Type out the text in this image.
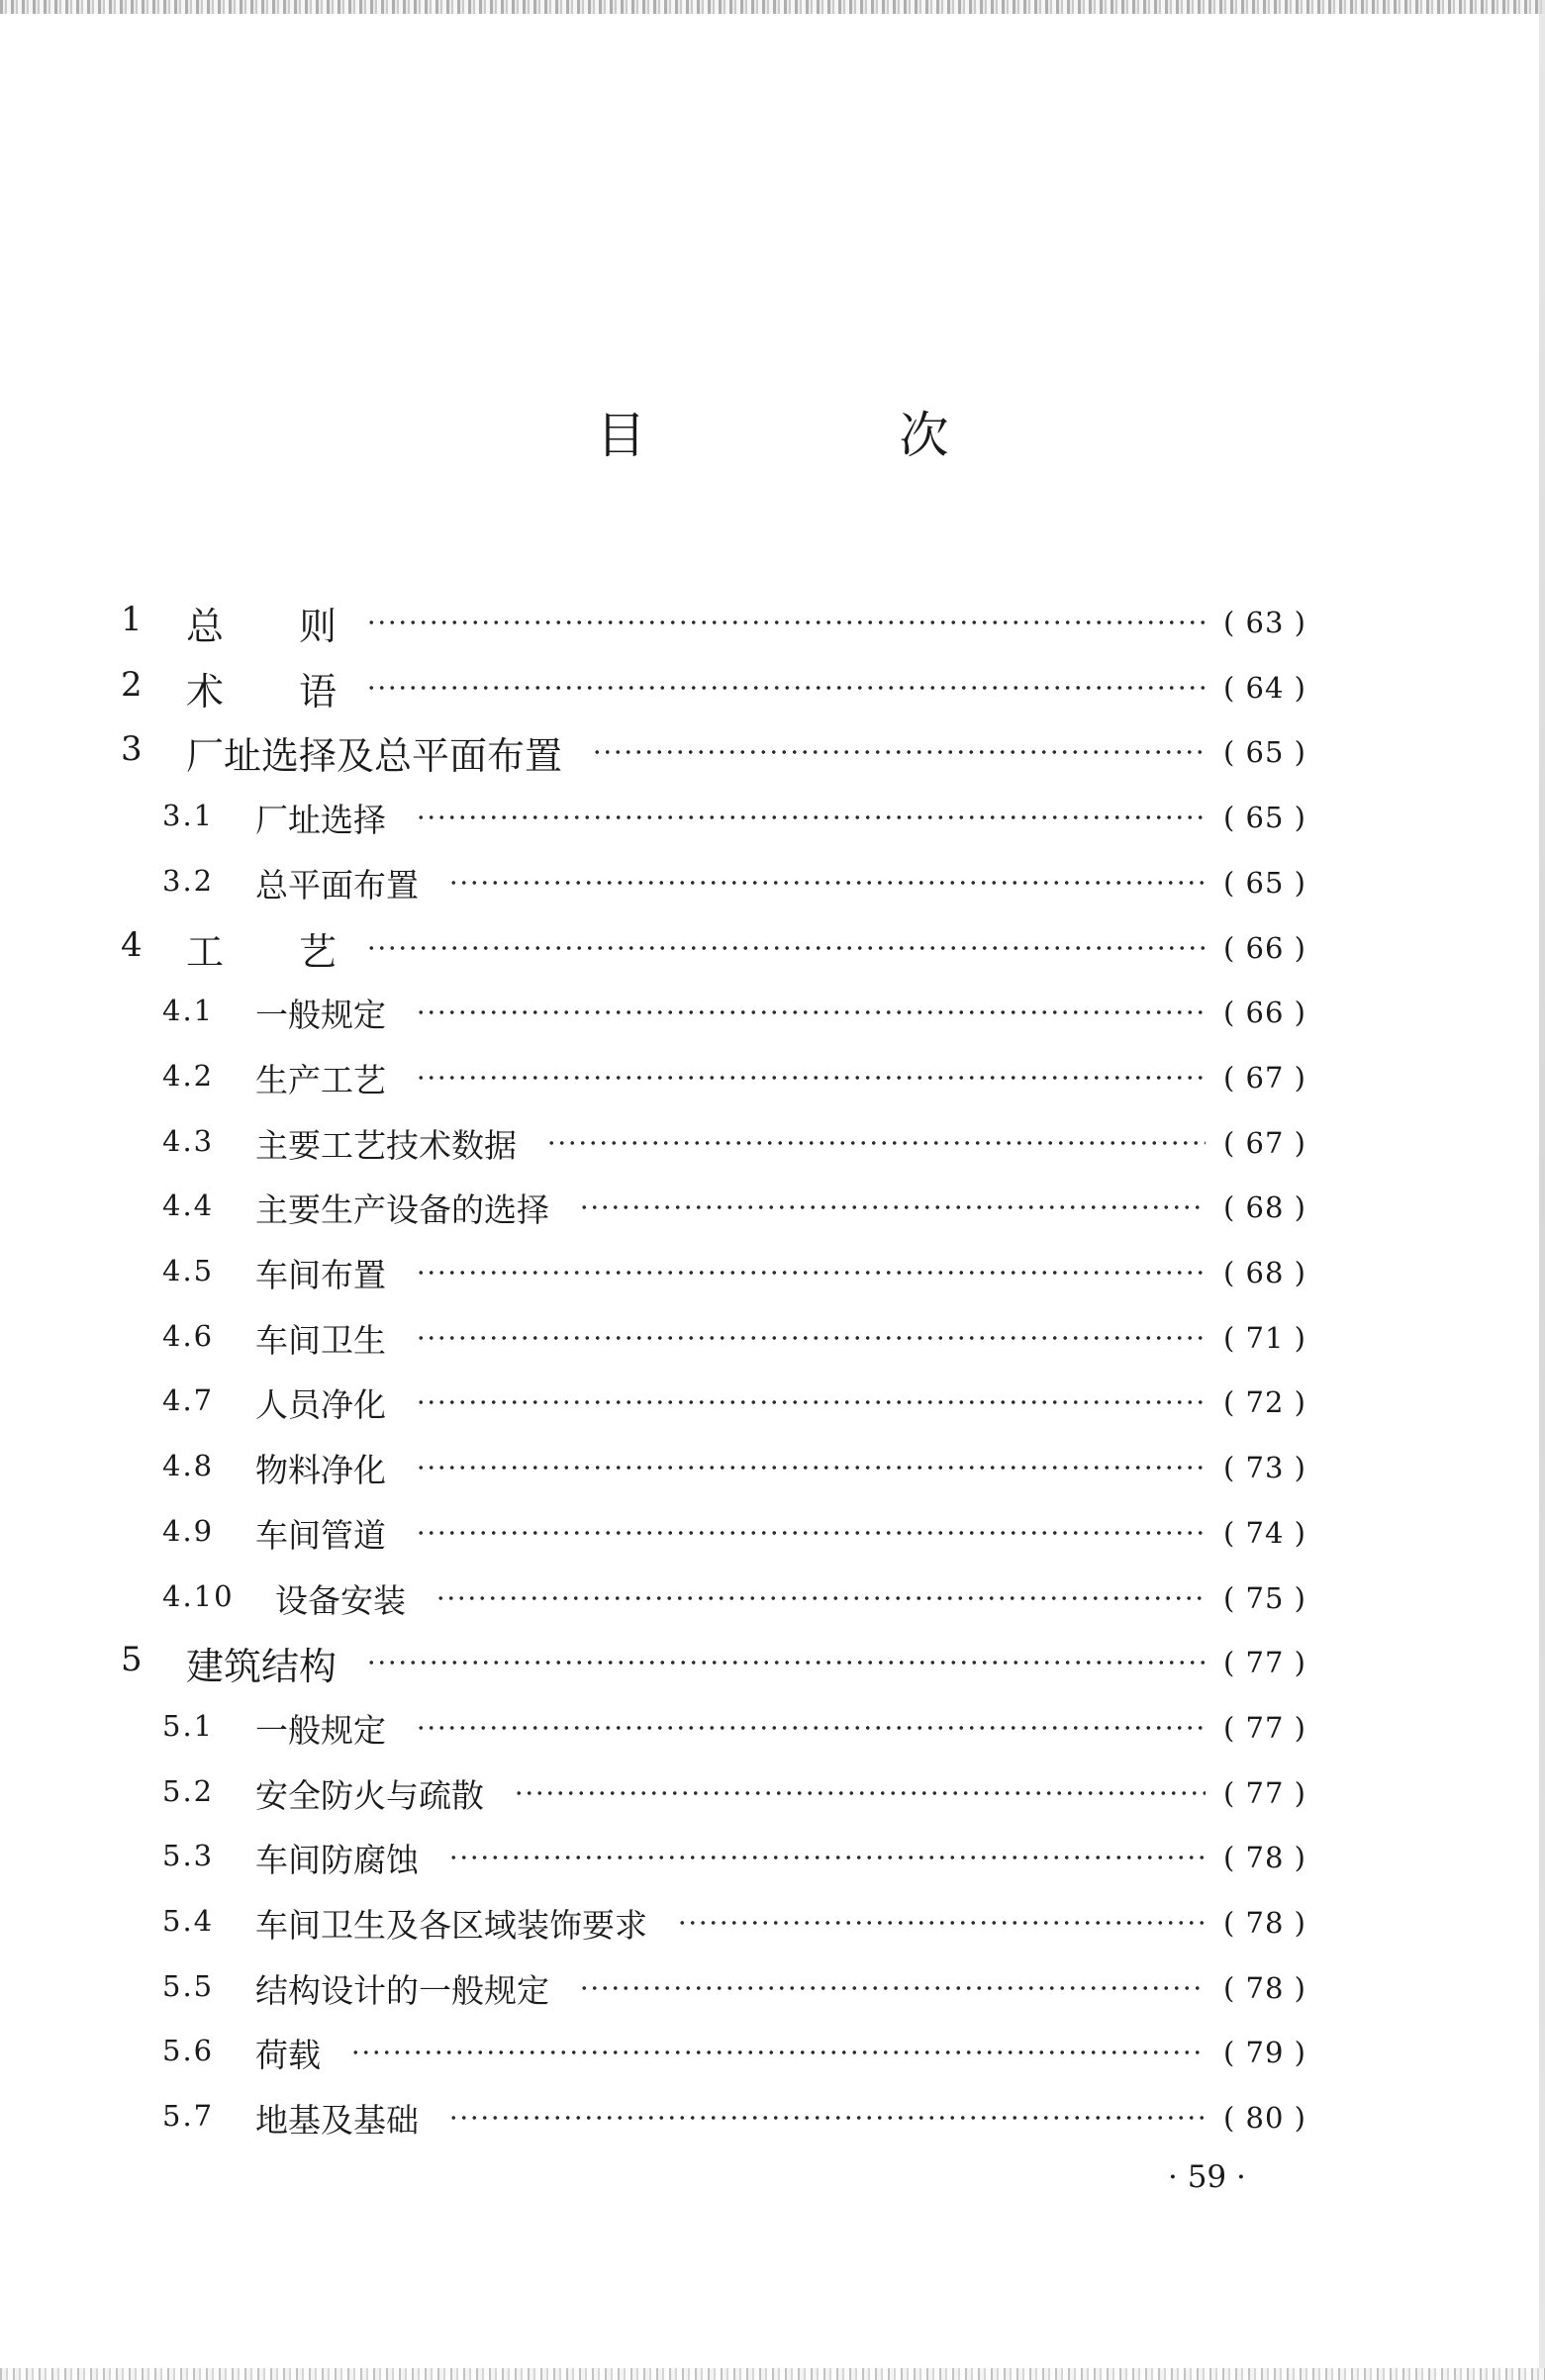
目 次
1 总　　则	( 63 )
2 术　　语	( 64 )
3 厂址选择及总平面布置	( 65 )
3.1 厂址选择	( 65 )
3.2 总平面布置	( 65 )
4 工　　艺	( 66 )
4.1 一般规定	( 66 )
4.2 生产工艺	( 67 )
4.3 主要工艺技术数据	( 67 )
4.4 主要生产设备的选择	( 68 )
4.5 车间布置	( 68 )
4.6 车间卫生	( 71 )
4.7 人员净化	( 72 )
4.8 物料净化	( 73 )
4.9 车间管道	( 74 )
4.10 设备安装	( 75 )
5 建筑结构	( 77 )
5.1 一般规定	( 77 )
5.2 安全防火与疏散	( 77 )
5.3 车间防腐蚀	( 78 )
5.4 车间卫生及各区域装饰要求	( 78 )
5.5 结构设计的一般规定	( 78 )
5.6 荷载	( 79 )
5.7 地基及基础	( 80 )
· 59 ·
